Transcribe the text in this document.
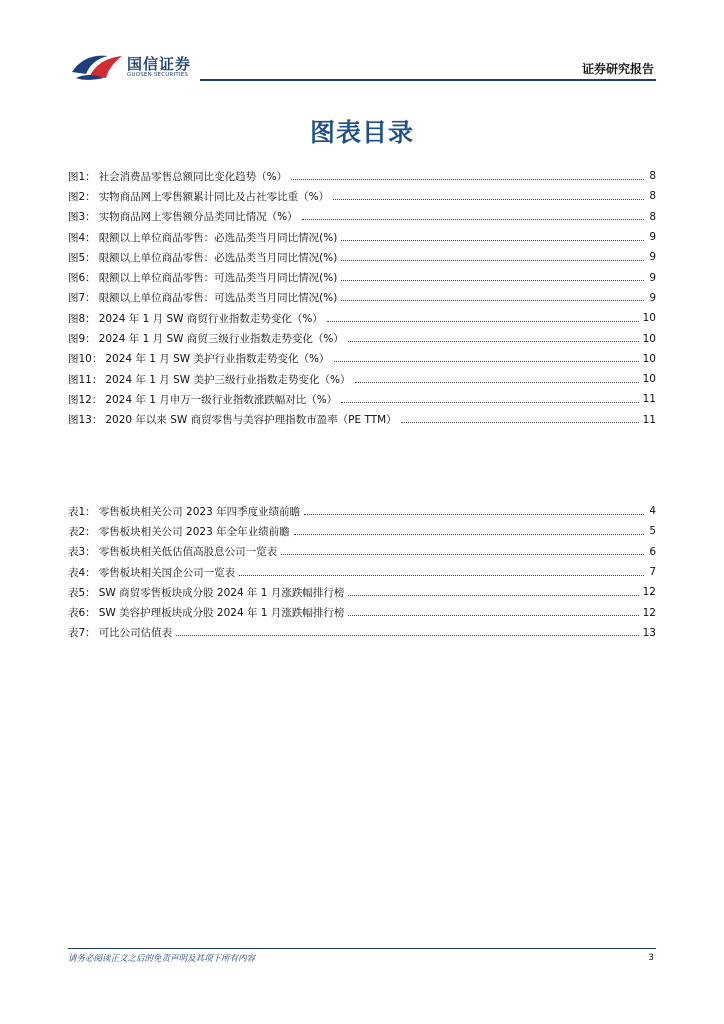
国信证券
GUOSEN SECURITIES	证券研究报告
图表目录
图1： 社会消费品零售总额同比变化趋势（%）	8
图2： 实物商品网上零售额累计同比及占社零比重（%）	8
图3： 实物商品网上零售额分品类同比情况（%）	8
图4： 限额以上单位商品零售：必选品类当月同比情况(%)	9
图5： 限额以上单位商品零售：必选品类当月同比情况(%)	9
图6： 限额以上单位商品零售：可选品类当月同比情况(%)	9
图7： 限额以上单位商品零售：可选品类当月同比情况(%)	9
图8： 2024 年 1 月 SW 商贸行业指数走势变化（%）	10
图9： 2024 年 1 月 SW 商贸三级行业指数走势变化（%）	10
图10： 2024 年 1 月 SW 美护行业指数走势变化（%）	10
图11： 2024 年 1 月 SW 美护三级行业指数走势变化（%）	10
图12： 2024 年 1 月申万一级行业指数涨跌幅对比（%）	11
图13： 2020 年以来 SW 商贸零售与美容护理指数市盈率（PE TTM）	11
表1： 零售板块相关公司 2023 年四季度业绩前瞻	4
表2： 零售板块相关公司 2023 年全年业绩前瞻	5
表3： 零售板块相关低估值高股息公司一览表	6
表4： 零售板块相关国企公司一览表	7
表5： SW 商贸零售板块成分股 2024 年 1 月涨跌幅排行榜	12
表6： SW 美容护理板块成分股 2024 年 1 月涨跌幅排行榜	12
表7： 可比公司估值表	13
请务必阅读正文之后的免责声明及其项下所有内容	3
